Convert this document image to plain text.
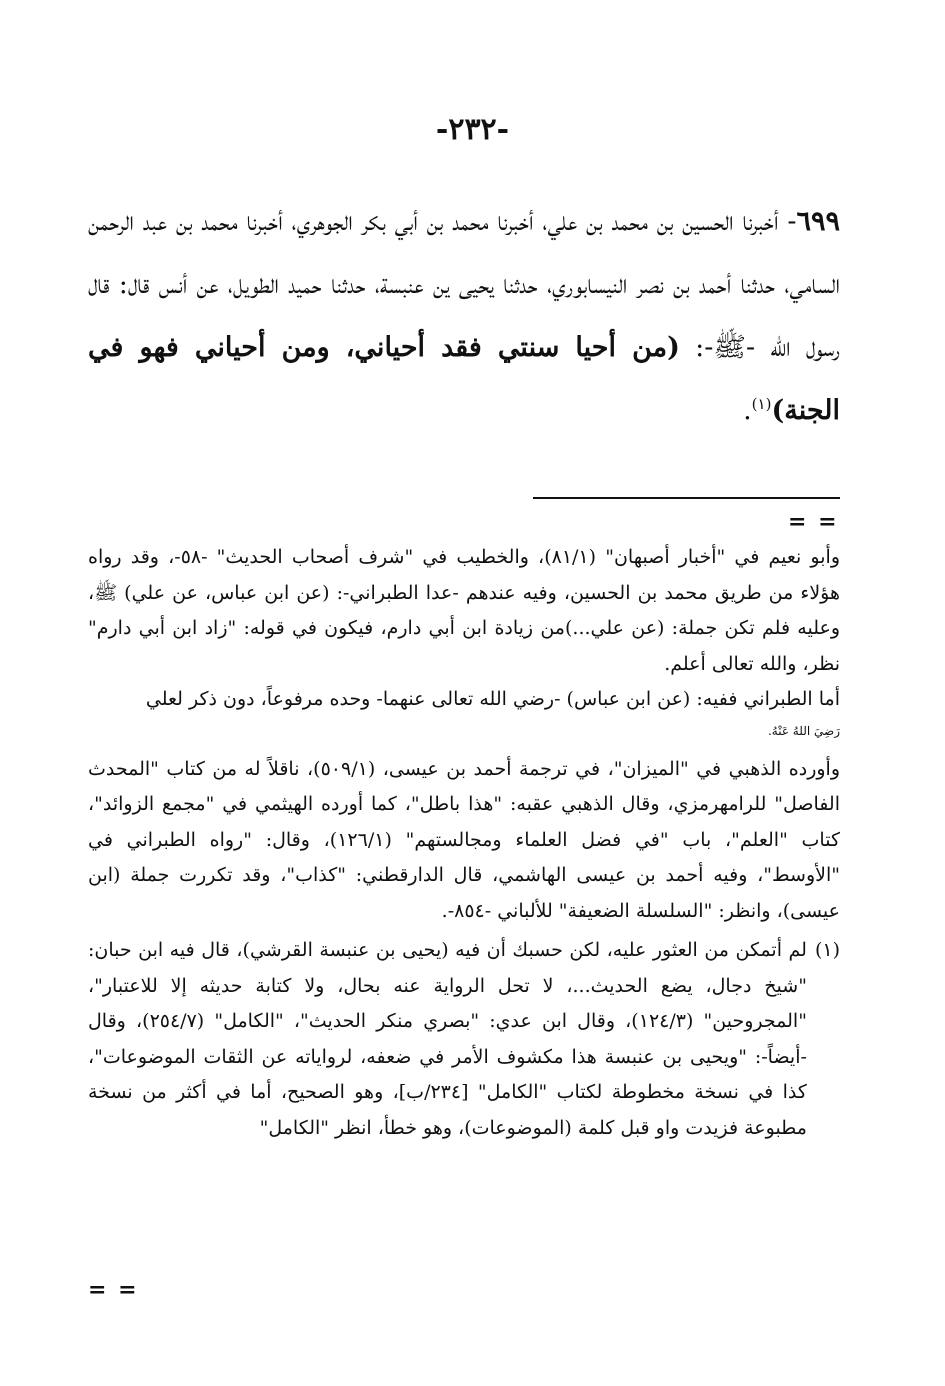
-٢٣٢-
٦٩٩- أخبرنا الحسين بن محمد بن علي، أخبرنا محمد بن أبي بكر الجوهري، أخبرنا محمد بن عبد الرحمن السامي، حدثنا أحمد بن نصر النيسابوري، حدثنا يحيى ين عنبسة، حدثنا حميد الطويل، عن أنس قال: قال رسول الله -ﷺ-: (من أحيا سنتي فقد أحياني، ومن أحياني فهو في الجنة)$^{(١)}$.
= =

وأبو نعيم في "أخبار أصبهان" (٨١/١)، والخطيب في "شرف أصحاب الحديث" -٥٨-، وقد رواه هؤلاء من طريق محمد بن الحسين، وفيه عندهم -عدا الطبراني-: (عن ابن عباس، عن علي) ﷺ، وعليه فلم تكن جملة: (عن علي...)من زيادة ابن أبي دارم، فيكون في قوله: "زاد ابن أبي دارم" نظر، والله تعالى أعلم.

أما الطبراني ففيه: (عن ابن عباس) -رضي الله تعالى عنهما- وحده مرفوعاً، دون ذكر لعلي

رَضِيَ اللهُ عَنْهُ.

وأورده الذهبي في "الميزان"، في ترجمة أحمد بن عيسى، (٥٠٩/١)، ناقلاً له من كتاب "المحدث الفاصل" للرامهرمزي، وقال الذهبي عقبه: "هذا باطل"، كما أورده الهيثمي في "مجمع الزوائد"، كتاب "العلم"، باب "في فضل العلماء ومجالستهم" (١٢٦/١)، وقال: "رواه الطبراني في "الأوسط"، وفيه أحمد بن عيسى الهاشمي، قال الدارقطني: "كذاب"، وقد تكررت جملة (ابن عيسى)، وانظر: "السلسلة الضعيفة" للألباني -٨٥٤-.

(١)
لم أتمكن من العثور عليه، لكن حسبك أن فيه (يحيى بن عنبسة القرشي)، قال فيه ابن حبان: "شيخ دجال، يضع الحديث...، لا تحل الرواية عنه بحال، ولا كتابة حديثه إلا للاعتبار"، "المجروحين" (١٢٤/٣)، وقال ابن عدي: "بصري منكر الحديث"، "الكامل" (٢٥٤/٧)، وقال -أيضاً-: "ويحيى بن عنبسة هذا مكشوف الأمر في ضعفه، لرواياته عن الثقات الموضوعات"، كذا في نسخة مخطوطة لكتاب "الكامل" [٢٣٤/ب]، وهو الصحيح، أما في أكثر من نسخة مطبوعة فزيدت واو قبل كلمة (الموضوعات)، وهو خطأ، انظر "الكامل"
= =
